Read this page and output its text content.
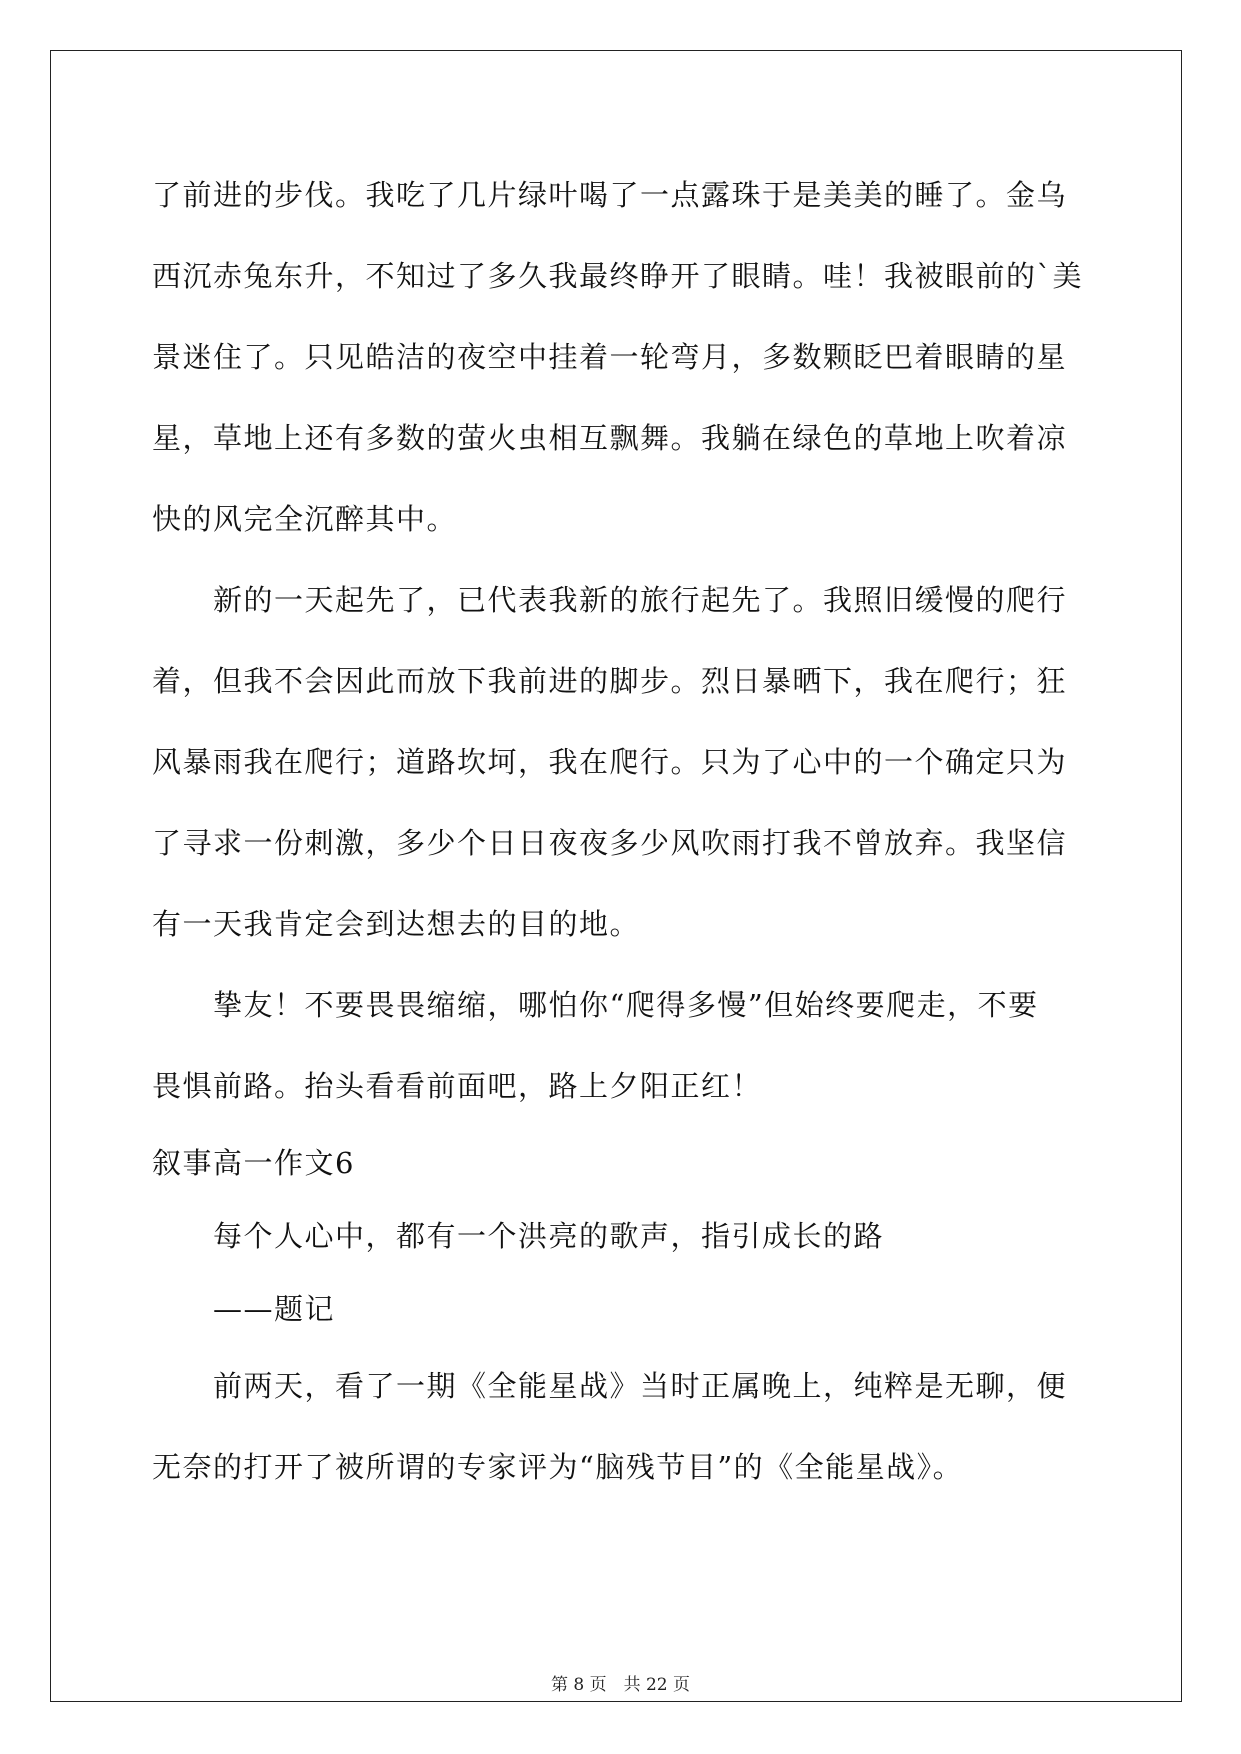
了前进的步伐。我吃了几片绿叶喝了一点露珠于是美美的睡了。金乌
西沉赤兔东升，不知过了多久我最终睁开了眼睛。哇！我被眼前的`美
景迷住了。只见皓洁的夜空中挂着一轮弯月，多数颗眨巴着眼睛的星
星，草地上还有多数的萤火虫相互飘舞。我躺在绿色的草地上吹着凉
快的风完全沉醉其中。
新的一天起先了，已代表我新的旅行起先了。我照旧缓慢的爬行
着，但我不会因此而放下我前进的脚步。烈日暴晒下，我在爬行；狂
风暴雨我在爬行；道路坎坷，我在爬行。只为了心中的一个确定只为
了寻求一份刺激，多少个日日夜夜多少风吹雨打我不曾放弃。我坚信
有一天我肯定会到达想去的目的地。
挚友！不要畏畏缩缩，哪怕你“爬得多慢”但始终要爬走，不要
畏惧前路。抬头看看前面吧，路上夕阳正红！
叙事高一作文6
每个人心中，都有一个洪亮的歌声，指引成长的路
——题记
前两天，看了一期《全能星战》当时正属晚上，纯粹是无聊，便
无奈的打开了被所谓的专家评为“脑残节目”的《全能星战》。
第 8 页　共 22 页
